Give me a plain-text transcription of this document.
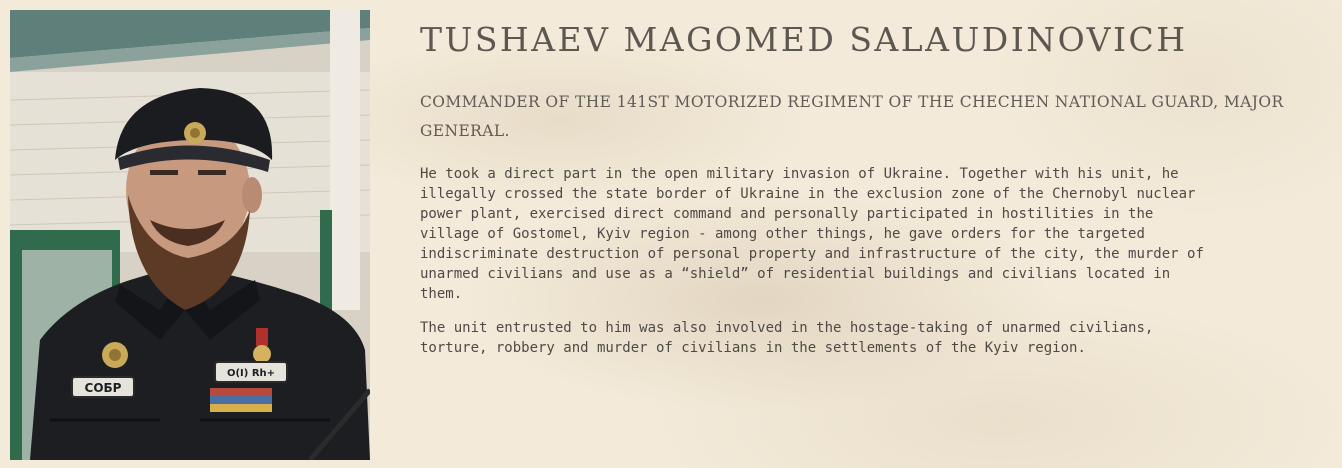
СОБР
O(I) Rh+
TUSHAEV MAGOMED SALAUDINOVICH
COMMANDER OF THE 141ST MOTORIZED REGIMENT OF THE CHECHEN NATIONAL GUARD, MAJOR GENERAL.

He took a direct part in the open military invasion of Ukraine. Together with his unit, he
illegally crossed the state border of Ukraine in the exclusion zone of the Chernobyl nuclear
power plant, exercised direct command and personally participated in hostilities in the
village of Gostomel, Kyiv region - among other things, he gave orders for the targeted
indiscriminate destruction of personal property and infrastructure of the city, the murder of
unarmed civilians and use as a “shield” of residential buildings and civilians located in
them.

The unit entrusted to him was also involved in the hostage-taking of unarmed civilians,
torture, robbery and murder of civilians in the settlements of the Kyiv region.
